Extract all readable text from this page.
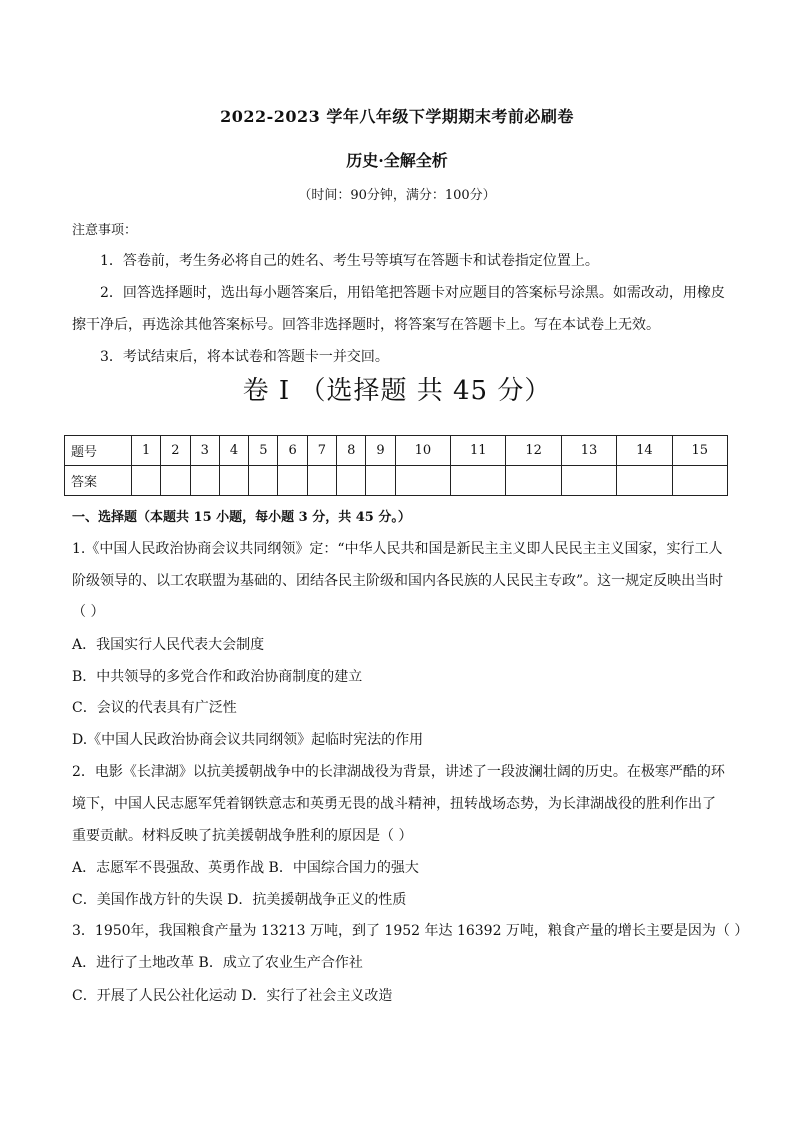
2022-2023 学年八年级下学期期末考前必刷卷
历史·全解全析
（时间：90分钟，满分：100分）
注意事项：
1．答卷前，考生务必将自己的姓名、考生号等填写在答题卡和试卷指定位置上。
2．回答选择题时，选出每小题答案后，用铅笔把答题卡对应题目的答案标号涂黑。如需改动，用橡皮擦干净后，再选涂其他答案标号。回答非选择题时，将答案写在答题卡上。写在本试卷上无效。
3．考试结束后，将本试卷和答题卡一并交回。
卷 I （选择题 共 45 分）
题号	1	2	3	4	5	6	7	8	9	10	11	12	13	14	15
答案															
一、选择题（本题共 15 小题，每小题 3 分，共 45 分。）
1.《中国人民政治协商会议共同纲领》定：“中华人民共和国是新民主主义即人民民主主义国家，实行工人
阶级领导的、以工农联盟为基础的、团结各民主阶级和国内各民族的人民民主专政”。这一规定反映出当时
（ ）
A．我国实行人民代表大会制度
B．中共领导的多党合作和政治协商制度的建立
C．会议的代表具有广泛性
D.《中国人民政治协商会议共同纲领》起临时宪法的作用
2．电影《长津湖》以抗美援朝战争中的长津湖战役为背景，讲述了一段波澜壮阔的历史。在极寒严酷的环
境下，中国人民志愿军凭着钢铁意志和英勇无畏的战斗精神，扭转战场态势，为长津湖战役的胜利作出了
重要贡献。材料反映了抗美援朝战争胜利的原因是（ ）
A．志愿军不畏强敌、英勇作战 B．中国综合国力的强大
C．美国作战方针的失误 D．抗美援朝战争正义的性质
3．1950年，我国粮食产量为 13213 万吨，到了 1952 年达 16392 万吨，粮食产量的增长主要是因为（ ）
A．进行了土地改革 B．成立了农业生产合作社
C．开展了人民公社化运动 D．实行了社会主义改造
